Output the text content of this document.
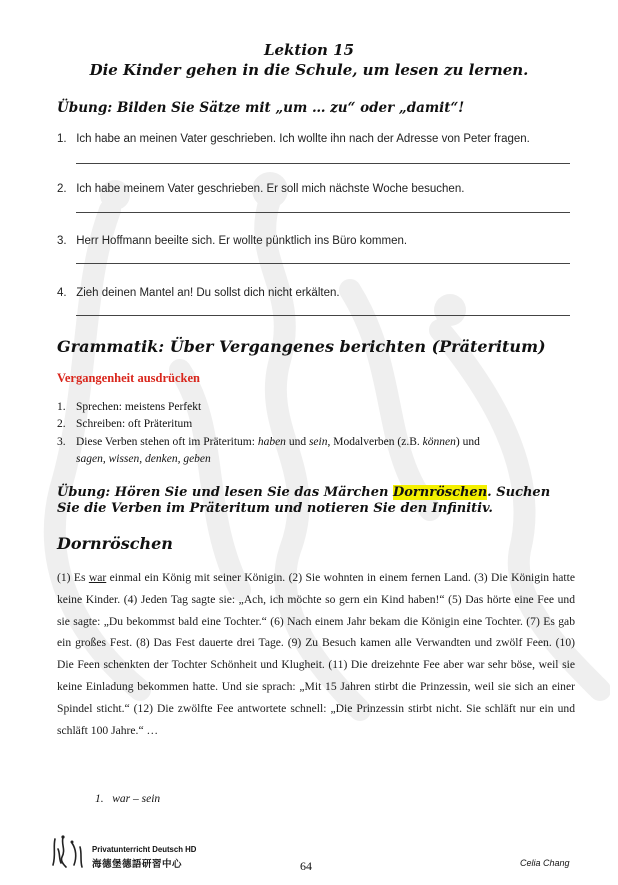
Lektion 15
Die Kinder gehen in die Schule, um lesen zu lernen.
Übung: Bilden Sie Sätze mit „um … zu“ oder „damit“!
1. Ich habe an meinen Vater geschrieben. Ich wollte ihn nach der Adresse von Peter fragen.
2. Ich habe meinem Vater geschrieben. Er soll mich nächste Woche besuchen.
3. Herr Hoffmann beeilte sich. Er wollte pünktlich ins Büro kommen.
4. Zieh deinen Mantel an! Du sollst dich nicht erkälten.
Grammatik: Über Vergangenes berichten (Präteritum)
Vergangenheit ausdrücken
1. Sprechen: meistens Perfekt
2. Schreiben: oft Präteritum
3. Diese Verben stehen oft im Präteritum: haben und sein, Modalverben (z.B. können) und
sagen, wissen, denken, geben

Übung: Hören Sie und lesen Sie das Märchen Dornröschen. Suchen Sie die Verben im Präteritum und notieren Sie den Infinitiv.

Dornröschen

(1) Es war einmal ein König mit seiner Königin. (2) Sie wohnten in einem fernen Land. (3) Die Königin hatte keine Kinder. (4) Jeden Tag sagte sie: „Ach, ich möchte so gern ein Kind haben!“ (5) Das hörte eine Fee und sie sagte: „Du bekommst bald eine Tochter.“ (6) Nach einem Jahr bekam die Königin eine Tochter. (7) Es gab ein großes Fest. (8) Das Fest dauerte drei Tage. (9) Zu Besuch kamen alle Verwandten und zwölf Feen. (10) Die Feen schenkten der Tochter Schönheit und Klugheit. (11) Die dreizehnte Fee aber war sehr böse, weil sie keine Einladung bekommen hatte. Und sie sprach: „Mit 15 Jahren stirbt die Prinzessin, weil sie sich an einer Spindel sticht.“ (12) Die zwölfte Fee antwortete schnell: „Die Prinzessin stirbt nicht. Sie schläft nur ein und schläft 100 Jahre.“ …

1. war – sein
Privatunterricht Deutsch HD
海德堡德語研習中心	64	Celia Chang
